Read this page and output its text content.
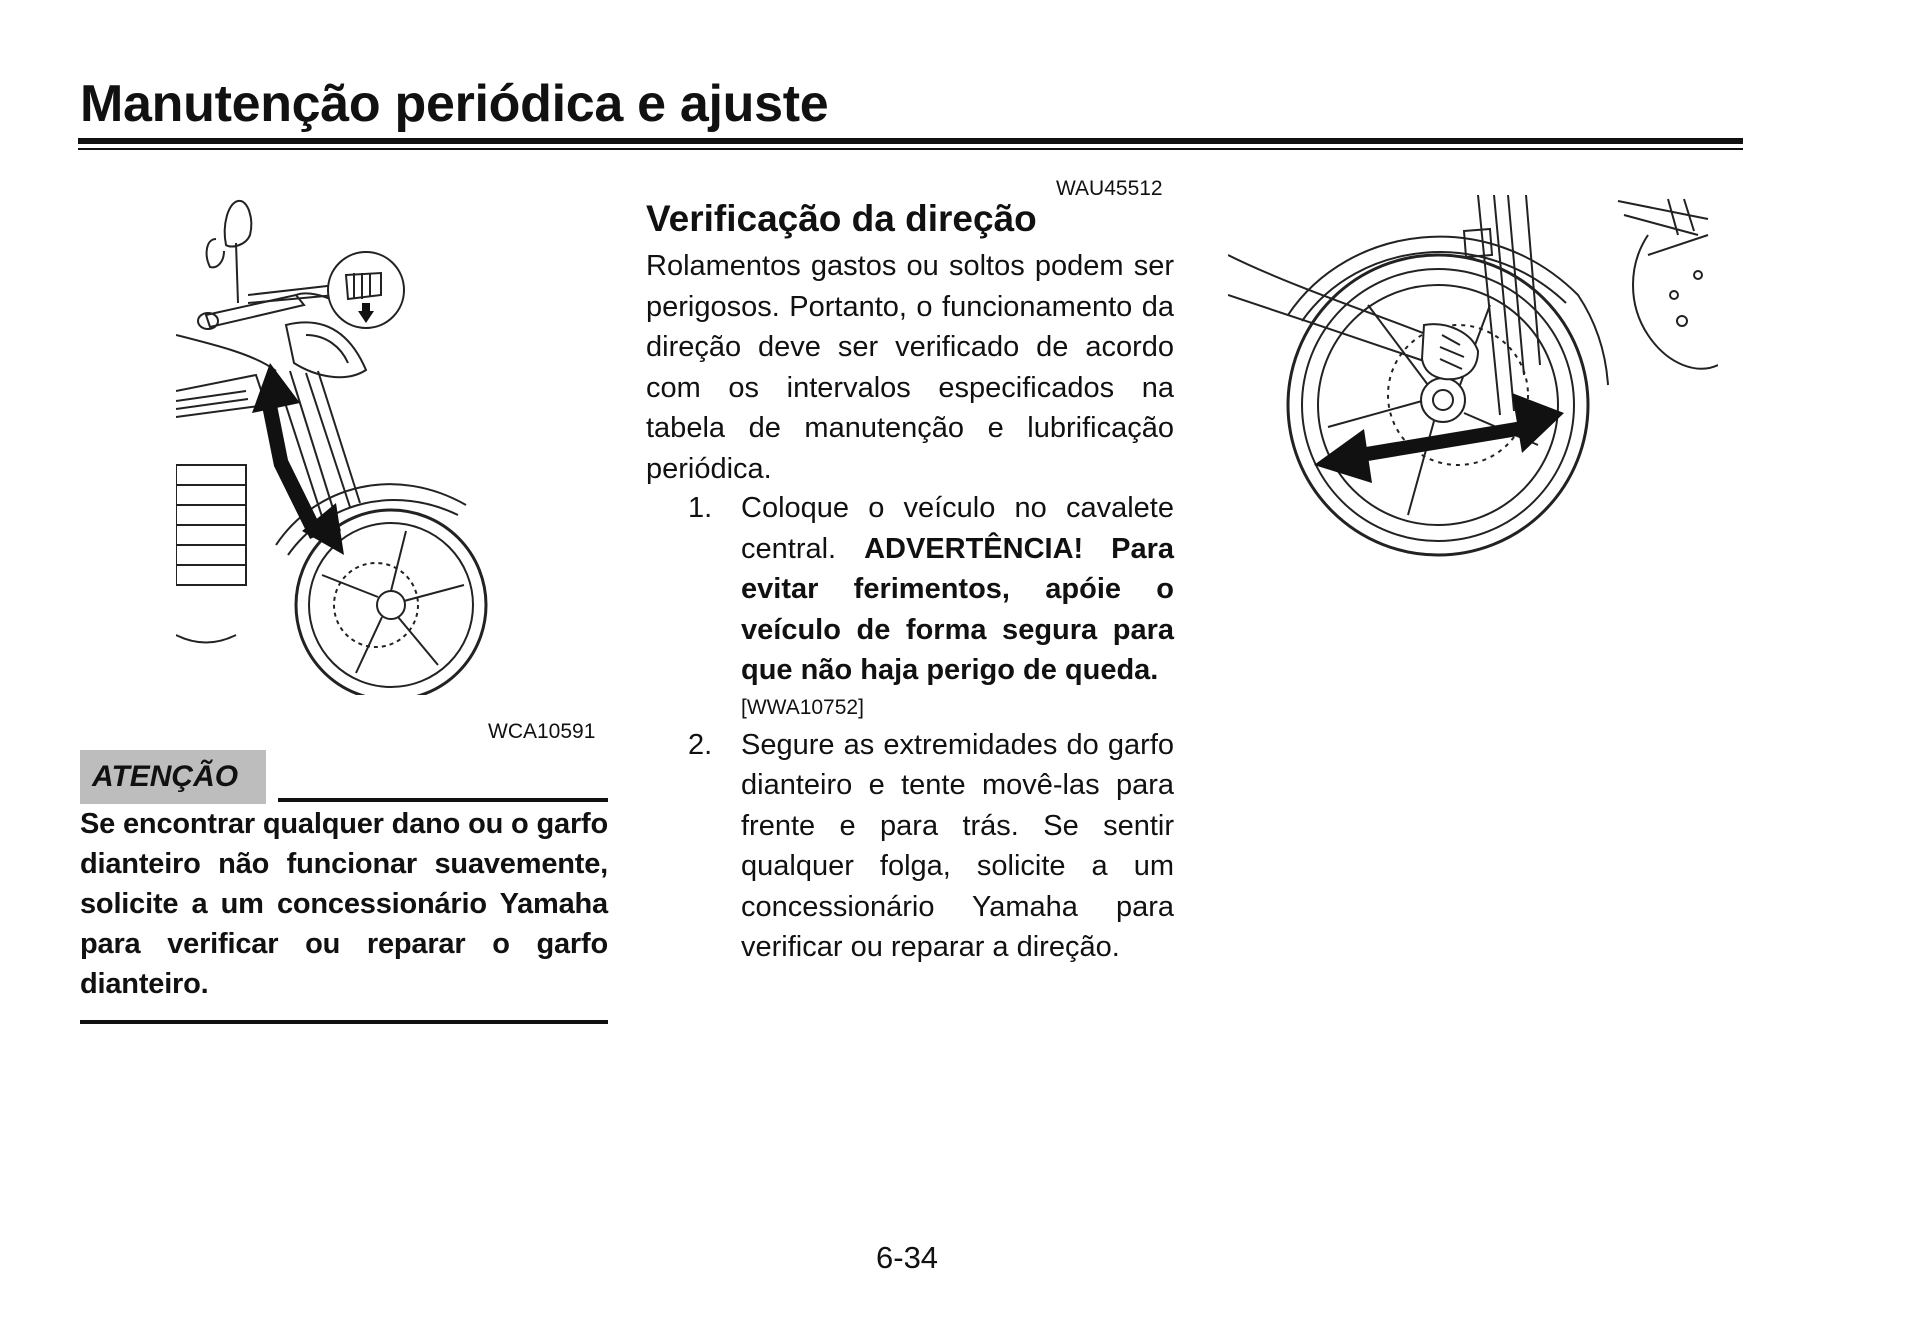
Manutenção periódica e ajuste
WCA10591
ATENÇÃO
Se encontrar qualquer dano ou o garfo dianteiro não funcionar suavemente, solicite a um concessionário Yamaha para verificar ou reparar o garfo dianteiro.
WAU45512
Verificação da direção
Rolamentos gastos ou soltos podem ser perigosos. Portanto, o funcionamento da direção deve ser verificado de acordo com os intervalos especificados na tabela de manutenção e lubrificação periódica.
1. Coloque o veículo no cavalete central. ADVERTÊNCIA! Para evitar ferimentos, apóie o veículo de forma segura para que não haja perigo de queda.
[WWA10752]
2. Segure as extremidades do garfo dianteiro e tente movê-las para frente e para trás. Se sentir qualquer folga, solicite a um concessionário Yamaha para verificar ou reparar a direção.
6-34
